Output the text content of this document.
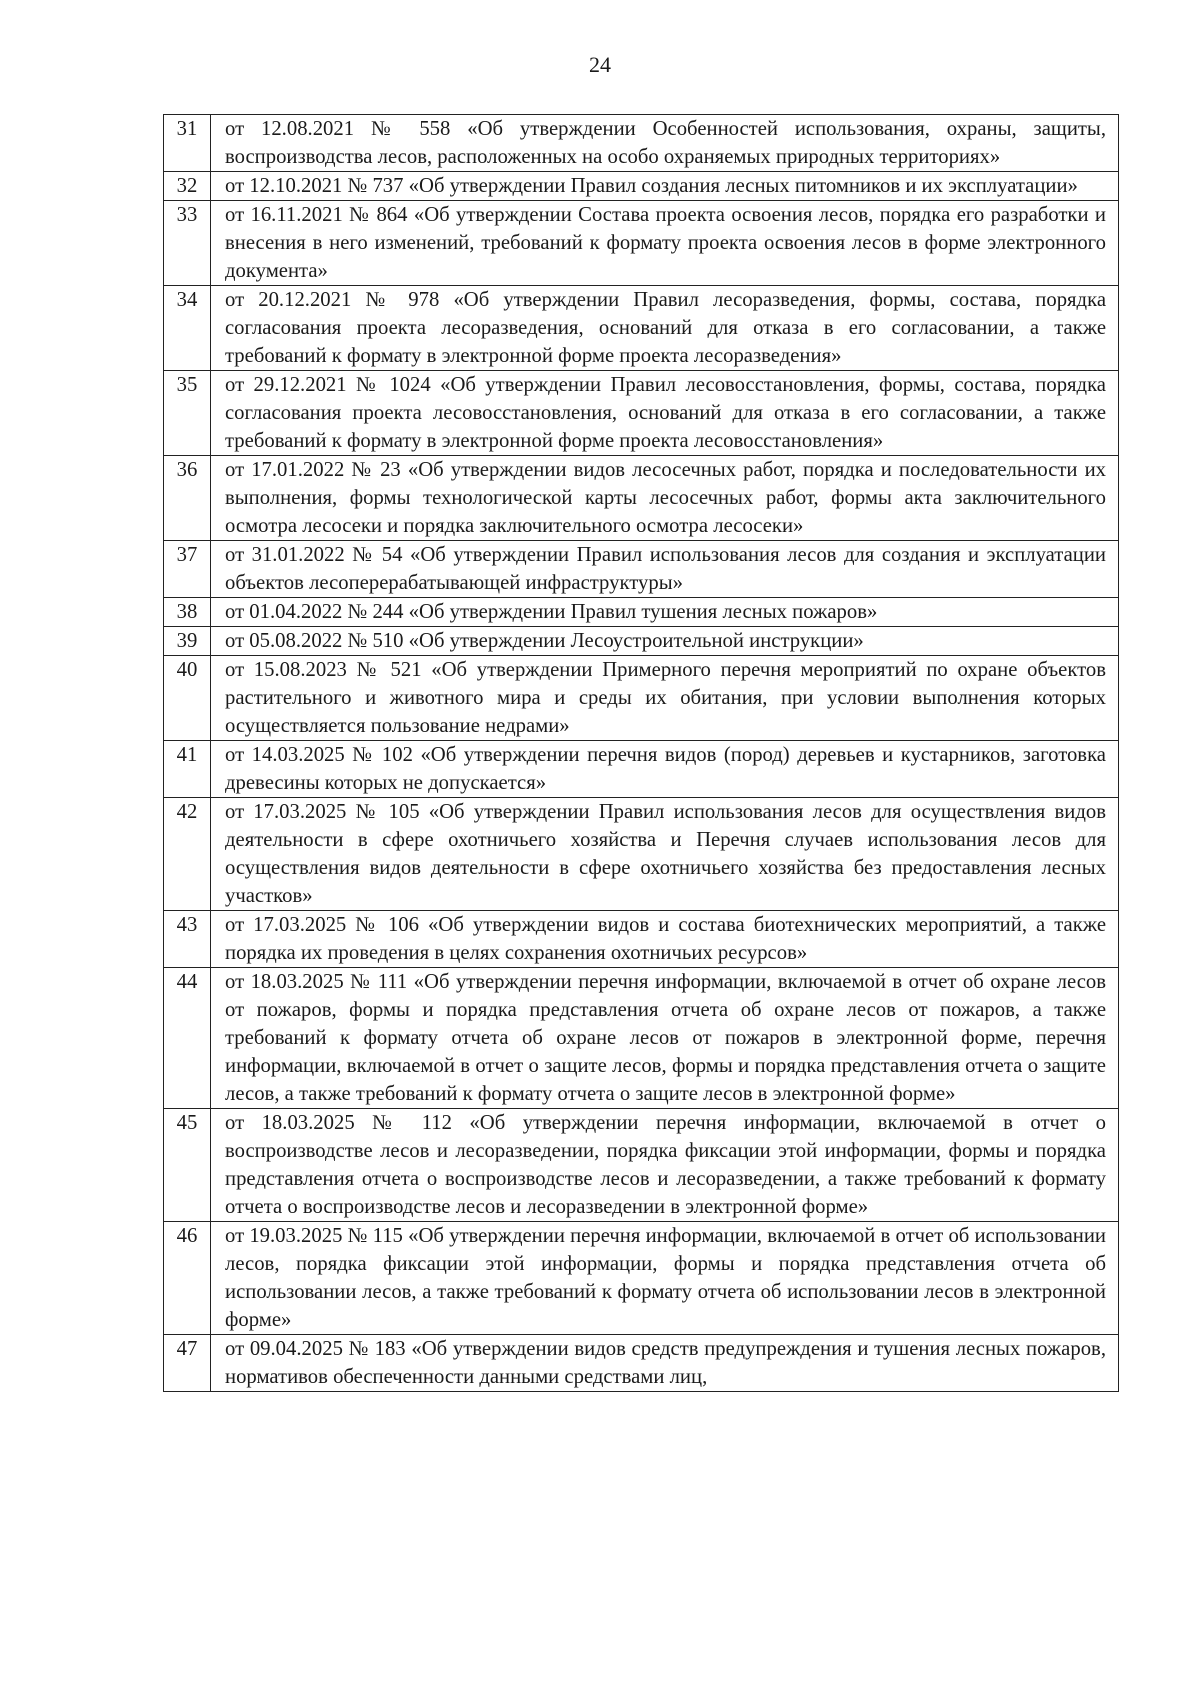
24
31	от 12.08.2021 № 558 «Об утверждении Особенностей использования, охраны, защиты, воспроизводства лесов, расположенных на особо охраняемых природных территориях»
32	от 12.10.2021 № 737 «Об утверждении Правил создания лесных питомников и их эксплуатации»
33	от 16.11.2021 № 864 «Об утверждении Состава проекта освоения лесов, порядка его разработки и внесения в него изменений, требований к формату проекта освоения лесов в форме электронного документа»
34	от 20.12.2021 № 978 «Об утверждении Правил лесоразведения, формы, состава, порядка согласования проекта лесоразведения, оснований для отказа в его согласовании, а также требований к формату в электронной форме проекта лесоразведения»
35	от 29.12.2021 № 1024 «Об утверждении Правил лесовосстановления, формы, состава, порядка согласования проекта лесовосстановления, оснований для отказа в его согласовании, а также требований к формату в электронной форме проекта лесовосстановления»
36	от 17.01.2022 № 23 «Об утверждении видов лесосечных работ, порядка и последовательности их выполнения, формы технологической карты лесосечных работ, формы акта заключительного осмотра лесосеки и порядка заключительного осмотра лесосеки»
37	от 31.01.2022 № 54 «Об утверждении Правил использования лесов для создания и эксплуатации объектов лесоперерабатывающей инфраструктуры»
38	от 01.04.2022 № 244 «Об утверждении Правил тушения лесных пожаров»
39	от 05.08.2022 № 510 «Об утверждении Лесоустроительной инструкции»
40	от 15.08.2023 № 521 «Об утверждении Примерного перечня мероприятий по охране объектов растительного и животного мира и среды их обитания, при условии выполнения которых осуществляется пользование недрами»
41	от 14.03.2025 № 102 «Об утверждении перечня видов (пород) деревьев и кустарников, заготовка древесины которых не допускается»
42	от 17.03.2025 № 105 «Об утверждении Правил использования лесов для осуществления видов деятельности в сфере охотничьего хозяйства и Перечня случаев использования лесов для осуществления видов деятельности в сфере охотничьего хозяйства без предоставления лесных участков»
43	от 17.03.2025 № 106 «Об утверждении видов и состава биотехнических мероприятий, а также порядка их проведения в целях сохранения охотничьих ресурсов»
44	от 18.03.2025 № 111 «Об утверждении перечня информации, включаемой в отчет об охране лесов от пожаров, формы и порядка представления отчета об охране лесов от пожаров, а также требований к формату отчета об охране лесов от пожаров в электронной форме, перечня информации, включаемой в отчет о защите лесов, формы и порядка представления отчета о защите лесов, а также требований к формату отчета о защите лесов в электронной форме»
45	от 18.03.2025 № 112 «Об утверждении перечня информации, включаемой в отчет о воспроизводстве лесов и лесоразведении, порядка фиксации этой информации, формы и порядка представления отчета о воспроизводстве лесов и лесоразведении, а также требований к формату отчета о воспроизводстве лесов и лесоразведении в электронной форме»
46	от 19.03.2025 № 115 «Об утверждении перечня информации, включаемой в отчет об использовании лесов, порядка фиксации этой информации, формы и порядка представления отчета об использовании лесов, а также требований к формату отчета об использовании лесов в электронной форме»
47	от 09.04.2025 № 183 «Об утверждении видов средств предупреждения и тушения лесных пожаров, нормативов обеспеченности данными средствами лиц,
